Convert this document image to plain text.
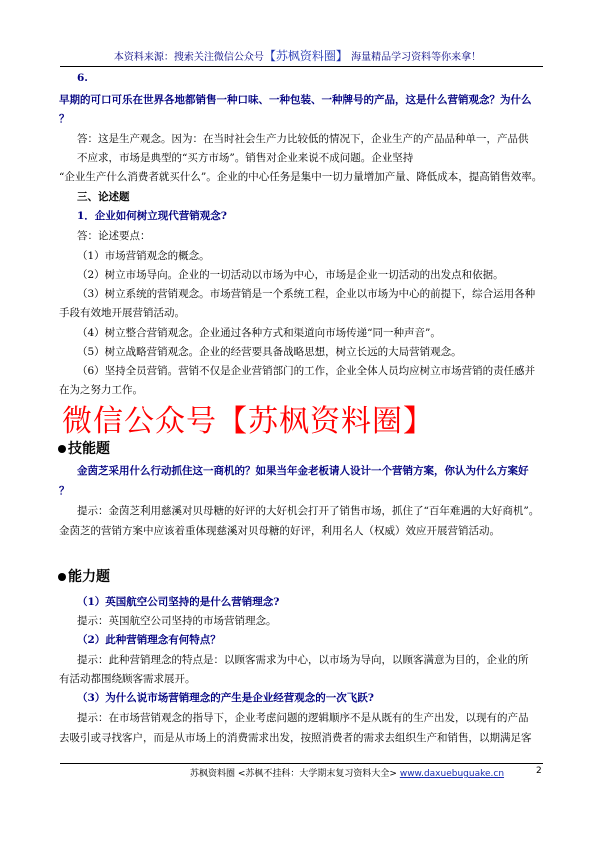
本资料来源：搜索关注微信公众号【苏枫资料圈】 海量精品学习资料等你来拿！
6.
早期的可口可乐在世界各地都销售一种口味、一种包装、一种牌号的产品，这是什么营销观念？为什么
？
答：这是生产观念。因为：在当时社会生产力比较低的情况下，企业生产的产品品种单一，产品供
不应求，市场是典型的“买方市场”。销售对企业来说不成问题。企业坚持
“企业生产什么消费者就买什么”。企业的中心任务是集中一切力量增加产量、降低成本，提高销售效率。
三、论述题
1．企业如何树立现代营销观念?
答：论述要点：
（1）市场营销观念的概念。
（2）树立市场导向。企业的一切活动以市场为中心，市场是企业一切活动的出发点和依据。
（3）树立系统的营销观念。市场营销是一个系统工程，企业以市场为中心的前提下，综合运用各种
手段有效地开展营销活动。
（4）树立整合营销观念。企业通过各种方式和渠道向市场传递“同一种声音”。
（5）树立战略营销观念。企业的经营要具备战略思想，树立长远的大局营销观念。
（6）坚持全员营销。营销不仅是企业营销部门的工作，企业全体人员均应树立市场营销的责任感并
在为之努力工作。
微信公众号【苏枫资料圈】
技能题
金茵芝采用什么行动抓住这一商机的？如果当年金老板请人设计一个营销方案，你认为什么方案好
？
提示：金茵芝利用慈溪对贝母糖的好评的大好机会打开了销售市场，抓住了“百年难遇的大好商机”。
金茵芝的营销方案中应该着重体现慈溪对贝母糖的好评，利用名人（权威）效应开展营销活动。
能力题
（1）英国航空公司坚持的是什么营销理念?
提示：英国航空公司坚持的市场营销理念。
（2）此种营销理念有何特点？
提示：此种营销理念的特点是：以顾客需求为中心，以市场为导向，以顾客满意为目的，企业的所
有活动都围绕顾客需求展开。
（3）为什么说市场营销理念的产生是企业经营观念的一次飞跃?
提示：在市场营销观念的指导下，企业考虑问题的逻辑顺序不是从既有的生产出发，以现有的产品
去吸引或寻找客户，而是从市场上的消费需求出发，按照消费者的需求去组织生产和销售，以期满足客
苏枫资料圈 <苏枫不挂科：大学期末复习资料大全> www.daxuebuguake.cn	2
